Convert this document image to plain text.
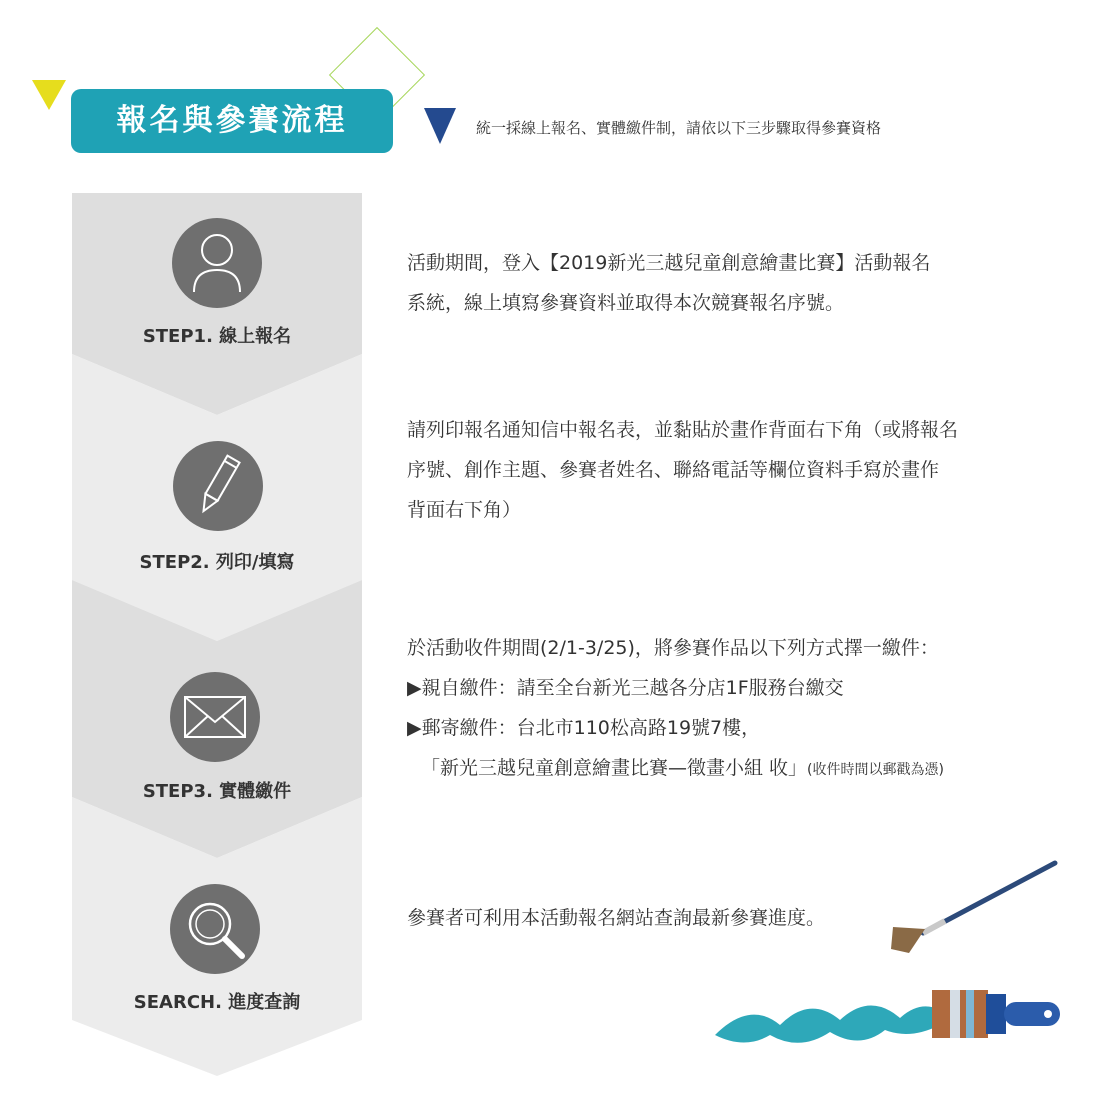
報名與參賽流程	統一採線上報名、實體繳件制，請依以下三步驟取得參賽資格
STEP1. 線上報名
STEP2. 列印/填寫
STEP3. 實體繳件
SEARCH. 進度查詢
活動期間，登入【2019新光三越兒童創意繪畫比賽】活動報名
系統，線上填寫參賽資料並取得本次競賽報名序號。
請列印報名通知信中報名表，並黏貼於畫作背面右下角（或將報名
序號、創作主題、參賽者姓名、聯絡電話等欄位資料手寫於畫作
背面右下角）
於活動收件期間(2/1-3/25)，將參賽作品以下列方式擇一繳件：
▶親自繳件：請至全台新光三越各分店1F服務台繳交
▶郵寄繳件：台北市110松高路19號7樓，
「新光三越兒童創意繪畫比賽—徵畫小組 收」(收件時間以郵戳為憑)
參賽者可利用本活動報名網站查詢最新參賽進度。
